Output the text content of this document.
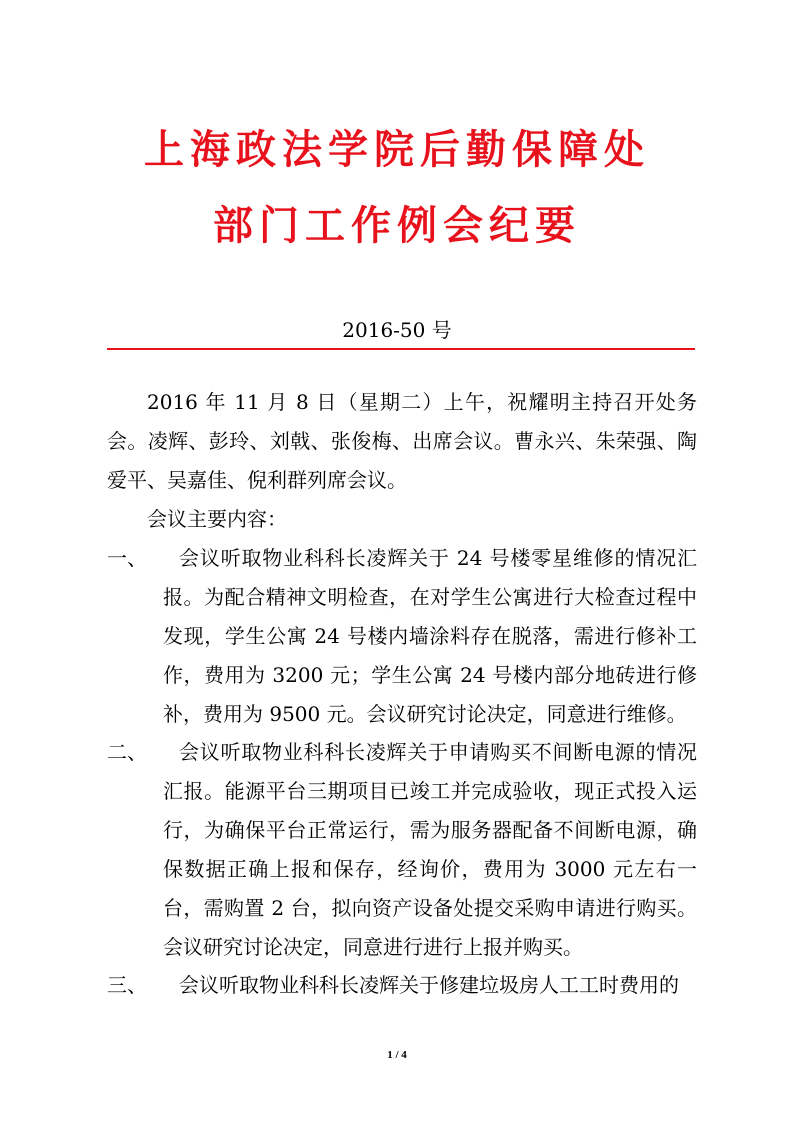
上海政法学院后勤保障处
部门工作例会纪要
2016-50 号
2016 年 11 月 8 日（星期二）上午，祝耀明主持召开处务会。凌辉、彭玲、刘戟、张俊梅、出席会议。曹永兴、朱荣强、陶爱平、吴嘉佳、倪利群列席会议。
会议主要内容：
一、	会议听取物业科科长凌辉关于 24 号楼零星维修的情况汇报。为配合精神文明检查，在对学生公寓进行大检查过程中发现，学生公寓 24 号楼内墙涂料存在脱落，需进行修补工作，费用为 3200 元；学生公寓 24 号楼内部分地砖进行修补，费用为 9500 元。会议研究讨论决定，同意进行维修。
二、	会议听取物业科科长凌辉关于申请购买不间断电源的情况汇报。能源平台三期项目已竣工并完成验收，现正式投入运行，为确保平台正常运行，需为服务器配备不间断电源，确保数据正确上报和保存，经询价，费用为 3000 元左右一台，需购置 2 台，拟向资产设备处提交采购申请进行购买。会议研究讨论决定，同意进行进行上报并购买。
三、	会议听取物业科科长凌辉关于修建垃圾房人工工时费用的
1 / 4
